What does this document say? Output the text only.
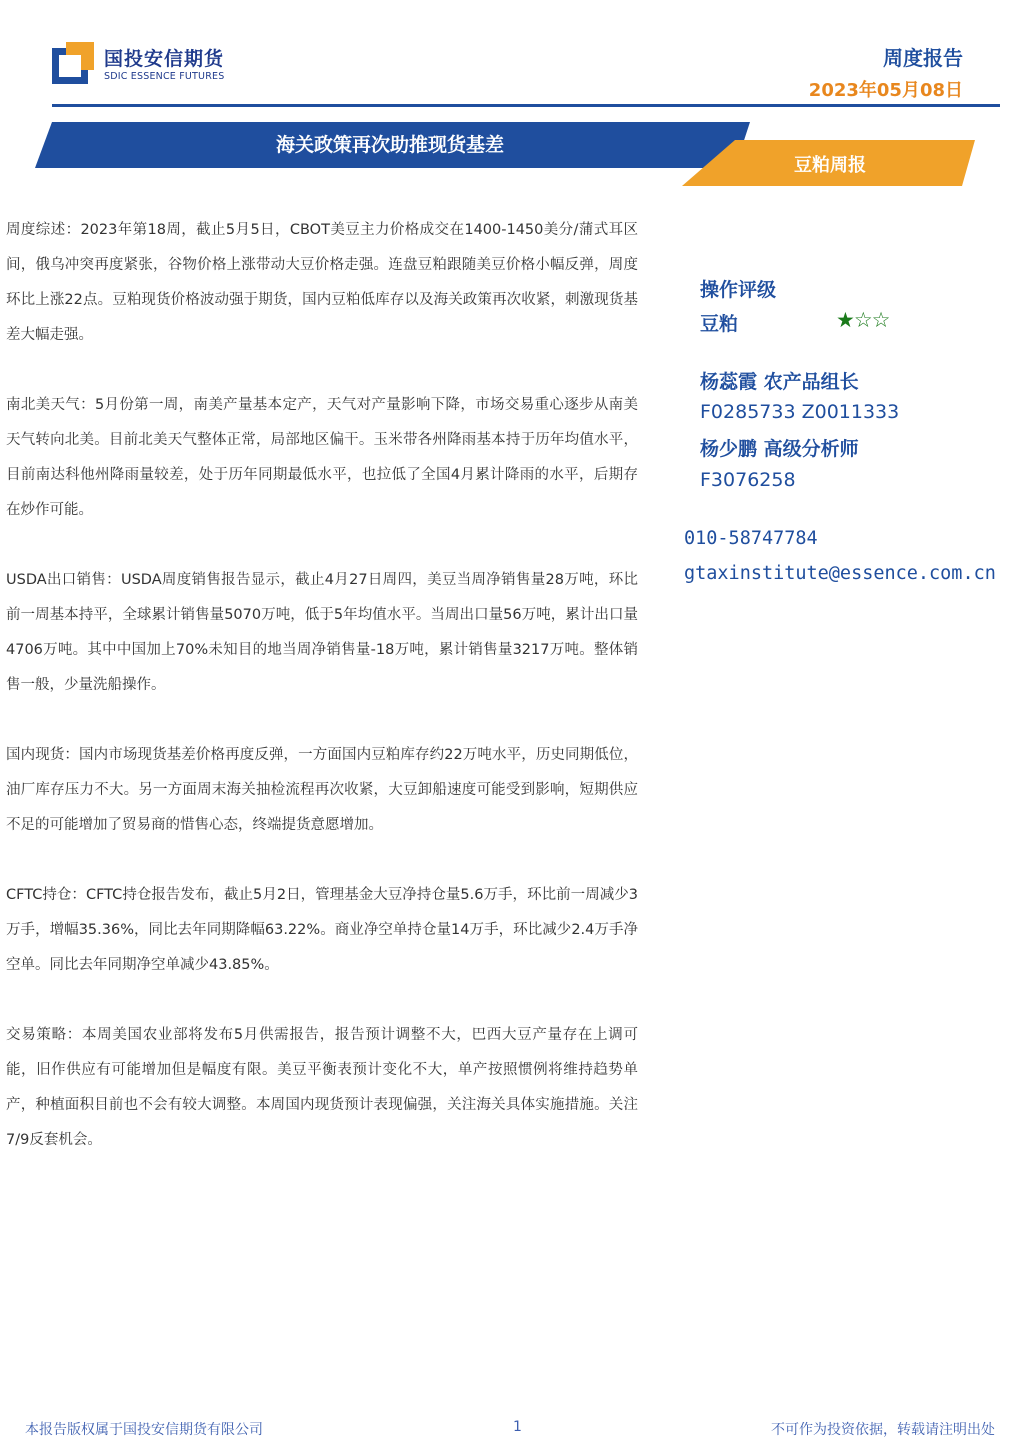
国投安信期货
SDIC ESSENCE FUTURES
周度报告
2023年05月08日
海关政策再次助推现货基差
豆粕周报

周度综述：2023年第18周，截止5月5日，CBOT美豆主力价格成交在1400-1450美分/蒲式耳区间，俄乌冲突再度紧张，谷物价格上涨带动大豆价格走强。连盘豆粕跟随美豆价格小幅反弹，周度环比上涨22点。豆粕现货价格波动强于期货，国内豆粕低库存以及海关政策再次收紧，刺激现货基差大幅走强。

南北美天气：5月份第一周，南美产量基本定产，天气对产量影响下降，市场交易重心逐步从南美天气转向北美。目前北美天气整体正常，局部地区偏干。玉米带各州降雨基本持于历年均值水平，目前南达科他州降雨量较差，处于历年同期最低水平，也拉低了全国4月累计降雨的水平，后期存在炒作可能。

USDA出口销售：USDA周度销售报告显示，截止4月27日周四，美豆当周净销售量28万吨，环比前一周基本持平，全球累计销售量5070万吨，低于5年均值水平。当周出口量56万吨，累计出口量4706万吨。其中中国加上70%未知目的地当周净销售量-18万吨，累计销售量3217万吨。整体销售一般，少量洗船操作。

国内现货：国内市场现货基差价格再度反弹，一方面国内豆粕库存约22万吨水平，历史同期低位，油厂库存压力不大。另一方面周末海关抽检流程再次收紧，大豆卸船速度可能受到影响，短期供应不足的可能增加了贸易商的惜售心态，终端提货意愿增加。

CFTC持仓：CFTC持仓报告发布，截止5月2日，管理基金大豆净持仓量5.6万手，环比前一周减少3万手，增幅35.36%，同比去年同期降幅63.22%。商业净空单持仓量14万手，环比减少2.4万手净空单。同比去年同期净空单减少43.85%。

交易策略：本周美国农业部将发布5月供需报告，报告预计调整不大，巴西大豆产量存在上调可能，旧作供应有可能增加但是幅度有限。美豆平衡表预计变化不大，单产按照惯例将维持趋势单产，种植面积目前也不会有较大调整。本周国内现货预计表现偏强，关注海关具体实施措施。关注7/9反套机会。

操作评级
豆粕	★☆☆
杨蕊霞 农产品组长
F0285733 Z0011333
杨少鹏 高级分析师
F3076258
010-58747784
gtaxinstitute@essence.com.cn
本报告版权属于国投安信期货有限公司	1	不可作为投资依据，转载请注明出处
